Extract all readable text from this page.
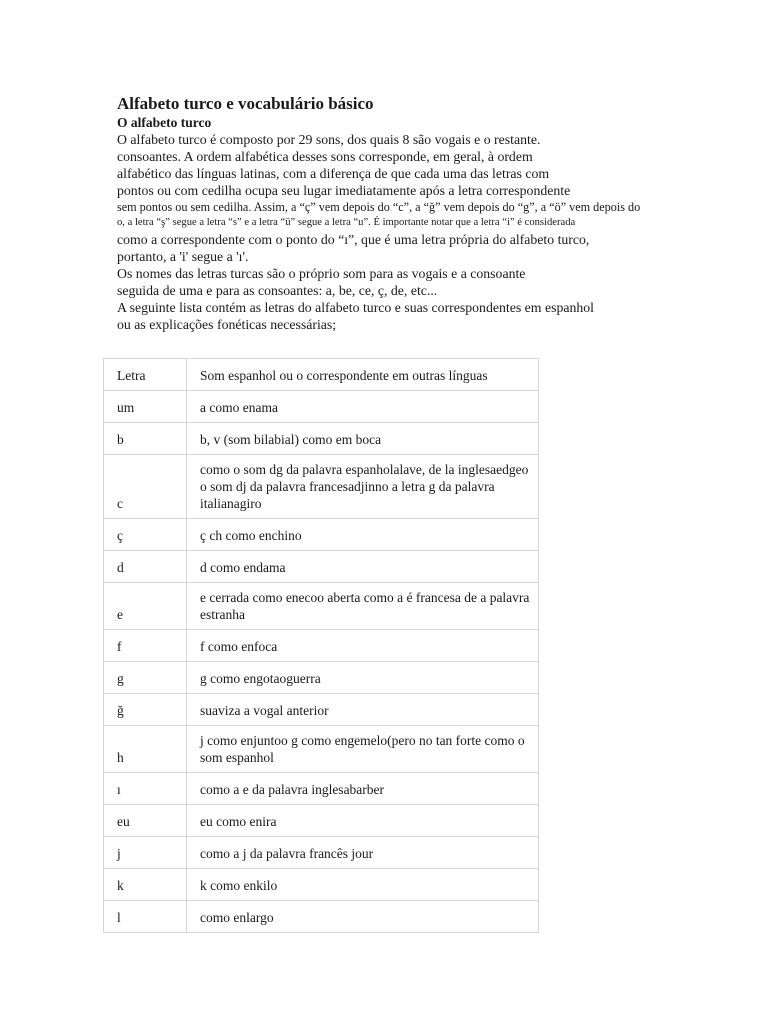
Alfabeto turco e vocabulário básico
O alfabeto turco

O alfabeto turco é composto por 29 sons, dos quais 8 são vogais e o restante.

consoantes. A ordem alfabética desses sons corresponde, em geral, à ordem

alfabético das línguas latinas, com a diferença de que cada uma das letras com

pontos ou com cedilha ocupa seu lugar imediatamente após a letra correspondente

sem pontos ou sem cedilha. Assim, a “ç” vem depois do “c”, a “ğ” vem depois do “g”, a “ö” vem depois do

o, a letra “ş” segue a letra “s” e a letra “ü” segue a letra “u”. É importante notar que a letra “i” é considerada

como a correspondente com o ponto do “ı”, que é uma letra própria do alfabeto turco,

portanto, a 'i' segue a 'ı'.

Os nomes das letras turcas são o próprio som para as vogais e a consoante

seguida de uma e para as consoantes: a, be, ce, ç, de, etc...

A seguinte lista contém as letras do alfabeto turco e suas correspondentes em espanhol

ou as explicações fonéticas necessárias;

Letra	Som espanhol ou o correspondente em outras línguas
um	a como enama
b	b, v (som bilabial) como em boca
c	como o som dg da palavra espanholalave, de la inglesaedgeo o som dj da palavra francesadjinno a letra g da palavra italianagiro
ç	ç ch como enchino
d	d como endama
e	e cerrada como enecoo aberta como a é francesa de a palavra estranha
f	f como enfoca
g	g como engotaoguerra
ğ	suaviza a vogal anterior
h	j como enjuntoo g como engemelo(pero no tan forte como o som espanhol
ı	como a e da palavra inglesabarber
eu	eu como enira
j	como a j da palavra francês jour
k	k como enkilo
l	como enlargo
